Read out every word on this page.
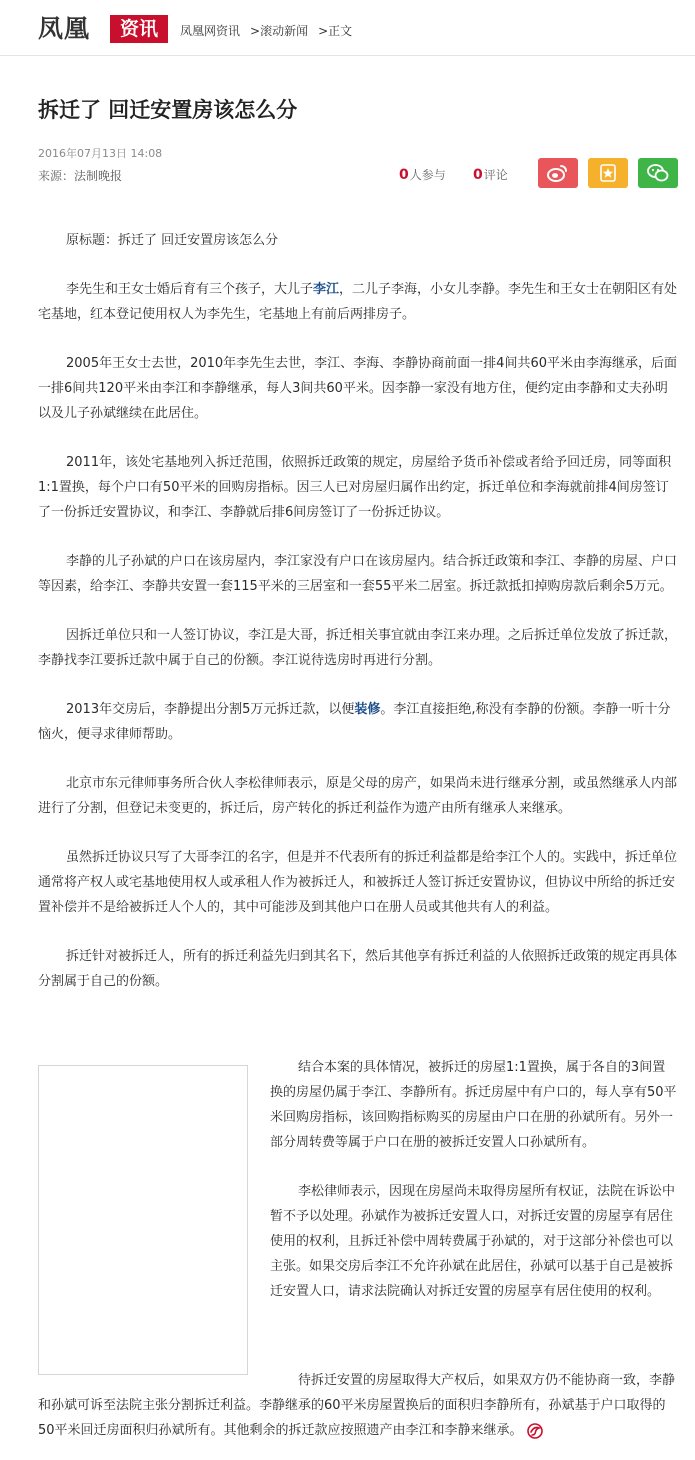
凤凰	资讯	凤凰网资讯 >滚动新闻 >正文
拆迁了 回迁安置房该怎么分
2016年07月13日 14:08
来源：法制晚报	0人参与 0评论

原标题：拆迁了 回迁安置房该怎么分

李先生和王女士婚后育有三个孩子，大儿子李江，二儿子李海，小女儿李静。李先生和王女士在朝阳区有处宅基地，红本登记使用权人为李先生，宅基地上有前后两排房子。

2005年王女士去世，2010年李先生去世，李江、李海、李静协商前面一排4间共60平米由李海继承，后面一排6间共120平米由李江和李静继承，每人3间共60平米。因李静一家没有地方住，便约定由李静和丈夫孙明以及儿子孙斌继续在此居住。

2011年，该处宅基地列入拆迁范围，依照拆迁政策的规定，房屋给予货币补偿或者给予回迁房，同等面积1:1置换，每个户口有50平米的回购房指标。因三人已对房屋归属作出约定，拆迁单位和李海就前排4间房签订了一份拆迁安置协议，和李江、李静就后排6间房签订了一份拆迁协议。

李静的儿子孙斌的户口在该房屋内，李江家没有户口在该房屋内。结合拆迁政策和李江、李静的房屋、户口等因素，给李江、李静共安置一套115平米的三居室和一套55平米二居室。拆迁款抵扣掉购房款后剩余5万元。

因拆迁单位只和一人签订协议，李江是大哥，拆迁相关事宜就由李江来办理。之后拆迁单位发放了拆迁款，李静找李江要拆迁款中属于自己的份额。李江说待选房时再进行分割。

2013年交房后，李静提出分割5万元拆迁款，以便装修。李江直接拒绝,称没有李静的份额。李静一听十分恼火，便寻求律师帮助。

北京市东元律师事务所合伙人李松律师表示，原是父母的房产，如果尚未进行继承分割，或虽然继承人内部进行了分割，但登记未变更的，拆迁后，房产转化的拆迁利益作为遗产由所有继承人来继承。

虽然拆迁协议只写了大哥李江的名字，但是并不代表所有的拆迁利益都是给李江个人的。实践中，拆迁单位通常将产权人或宅基地使用权人或承租人作为被拆迁人，和被拆迁人签订拆迁安置协议，但协议中所给的拆迁安置补偿并不是给被拆迁人个人的，其中可能涉及到其他户口在册人员或其他共有人的利益。

拆迁针对被拆迁人，所有的拆迁利益先归到其名下，然后其他享有拆迁利益的人依照拆迁政策的规定再具体分割属于自己的份额。

结合本案的具体情况，被拆迁的房屋1:1置换，属于各自的3间置换的房屋仍属于李江、李静所有。拆迁房屋中有户口的，每人享有50平米回购房指标，该回购指标购买的房屋由户口在册的孙斌所有。另外一部分周转费等属于户口在册的被拆迁安置人口孙斌所有。

李松律师表示，因现在房屋尚未取得房屋所有权证，法院在诉讼中暂不予以处理。孙斌作为被拆迁安置人口，对拆迁安置的房屋享有居住使用的权利，且拆迁补偿中周转费属于孙斌的，对于这部分补偿也可以主张。如果交房后李江不允许孙斌在此居住，孙斌可以基于自己是被拆迁安置人口，请求法院确认对拆迁安置的房屋享有居住使用的权利。

待拆迁安置的房屋取得大产权后，如果双方仍不能协商一致，李静和孙斌可诉至法院主张分割拆迁利益。李静继承的60平米房屋置换后的面积归李静所有，孙斌基于户口取得的50平米回迁房面积归孙斌所有。其他剩余的拆迁款应按照遗产由李江和李静来继承。
